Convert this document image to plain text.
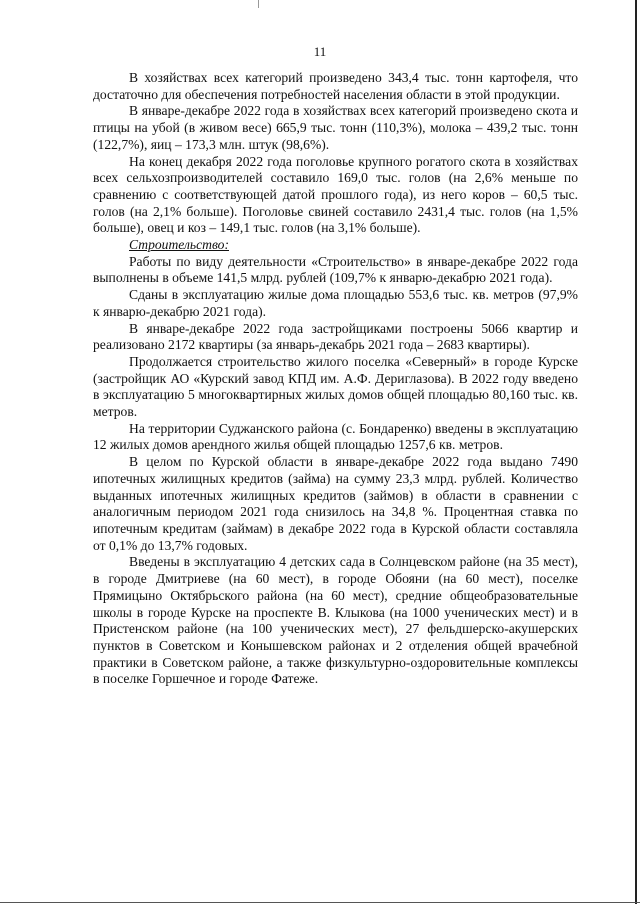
11

В хозяйствах всех категорий произведено 343,4 тыс. тонн картофеля, что достаточно для обеспечения потребностей населения области в этой продукции.

В январе-декабре 2022 года в хозяйствах всех категорий произведено скота и птицы на убой (в живом весе) 665,9 тыс. тонн (110,3%), молока – 439,2 тыс. тонн (122,7%), яиц – 173,3 млн. штук (98,6%).

На конец декабря 2022 года поголовье крупного рогатого скота в хозяйствах всех сельхозпроизводителей составило 169,0 тыс. голов (на 2,6% меньше по сравнению с соответствующей датой прошлого года), из него коров – 60,5 тыс. голов (на 2,1% больше). Поголовье свиней составило 2431,4 тыс. голов (на 1,5% больше), овец и коз – 149,1 тыс. голов (на 3,1% больше).

Строительство:

Работы по виду деятельности «Строительство» в январе-декабре 2022 года выполнены в объеме 141,5 млрд. рублей (109,7% к январю-декабрю 2021 года).

Сданы в эксплуатацию жилые дома площадью 553,6 тыс. кв. метров (97,9% к январю-декабрю 2021 года).

В январе-декабре 2022 года застройщиками построены 5066 квартир и реализовано 2172 квартиры (за январь-декабрь 2021 года – 2683 квартиры).

Продолжается строительство жилого поселка «Северный» в городе Курске (застройщик АО «Курский завод КПД им. А.Ф. Дериглазова). В 2022 году введено в эксплуатацию 5 многоквартирных жилых домов общей площадью 80,160 тыс. кв. метров.

На территории Суджанского района (с. Бондаренко) введены в эксплуатацию 12 жилых домов арендного жилья общей площадью 1257,6 кв. метров.

В целом по Курской области в январе-декабре 2022 года выдано 7490 ипотечных жилищных кредитов (займа) на сумму 23,3 млрд. рублей. Количество выданных ипотечных жилищных кредитов (займов) в области в сравнении с аналогичным периодом 2021 года снизилось на 34,8 %. Процентная ставка по ипотечным кредитам (займам) в декабре 2022 года в Курской области составляла от 0,1% до 13,7% годовых.

Введены в эксплуатацию 4 детских сада в Солнцевском районе (на 35 мест), в городе Дмитриеве (на 60 мест), в городе Обояни (на 60 мест), поселке Прямицыно Октябрьского района (на 60 мест), средние общеобразовательные школы в городе Курске на проспекте В. Клыкова (на 1000 ученических мест) и в Пристенском районе (на 100 ученических мест), 27 фельдшерско-акушерских пунктов в Советском и Конышевском районах и 2 отделения общей врачебной практики в Советском районе, а также физкультурно-оздоровительные комплексы в поселке Горшечное и городе Фатеже.
